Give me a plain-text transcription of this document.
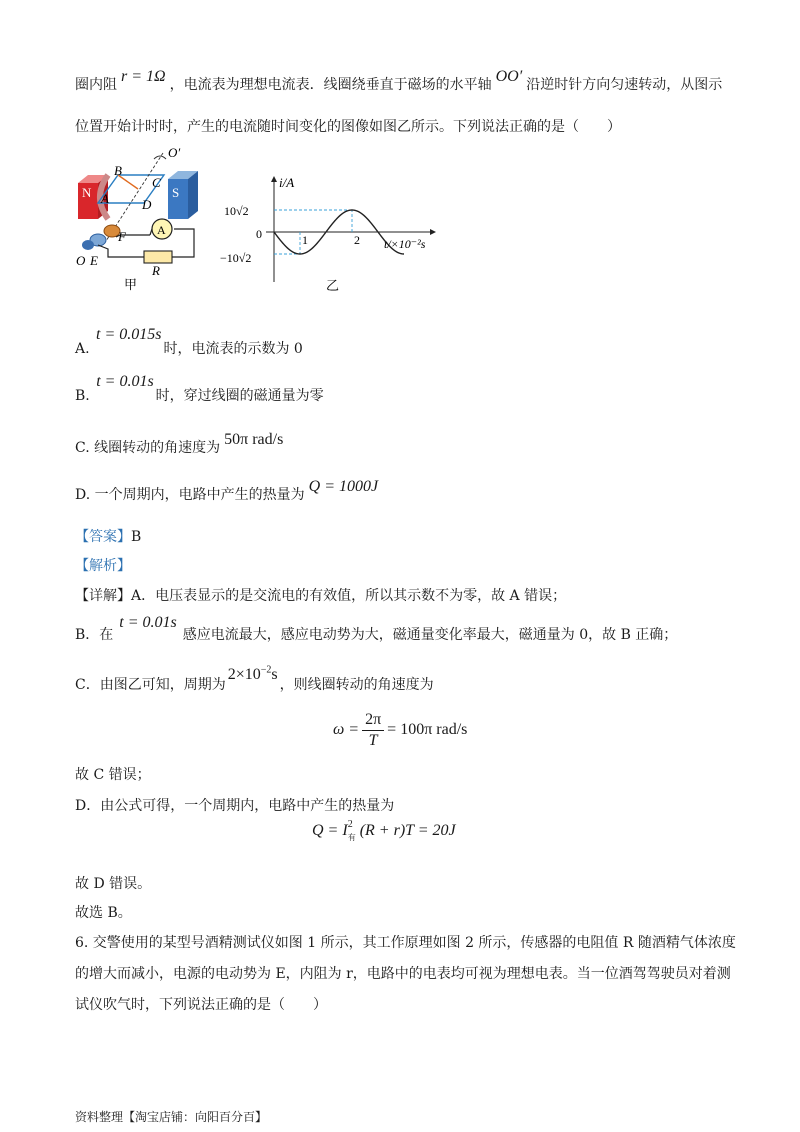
圈内阻 r = 1Ω ，电流表为理想电流表．线圈绕垂直于磁场的水平轴 OO′ 沿逆时针方向匀速转动，从图示
位置开始计时时，产生的电流随时间变化的图像如图乙所示。下列说法正确的是（　　）
N	S
A
B
C
D
O′
F
O E
A
R
甲
i/A
10√2
0
−10√2
1	2 t/×10⁻²s
乙
A. t = 0.015s时，电流表的示数为 0
B. t = 0.01s时，穿过线圈的磁通量为零
C. 线圈转动的角速度为 50π rad/s
D. 一个周期内，电路中产生的热量为 Q = 1000J
【答案】B
【解析】
【详解】A．电压表显示的是交流电的有效值，所以其示数不为零，故 A 错误；
B．在t = 0.01s感应电流最大，感应电动势为大，磁通量变化率最大，磁通量为 0，故 B 正确；
C．由图乙可知，周期为$2\times 10^{-2}s$，则线圈转动的角速度为
$\omega = \frac{2\pi}{T} = 100\pi$ rad/s
故 C 错误；
D．由公式可得，一个周期内，电路中产生的热量为
Q = I 2
有 (R + r)T = 20J
故 D 错误。
故选 B。
6. 交警使用的某型号酒精测试仪如图 1 所示，其工作原理如图 2 所示，传感器的电阻值 R 随酒精气体浓度
的增大而减小，电源的电动势为 E，内阻为 r，电路中的电表均可视为理想电表。当一位酒驾驾驶员对着测
试仪吹气时，下列说法正确的是（　　）
资料整理【淘宝店铺：向阳百分百】
